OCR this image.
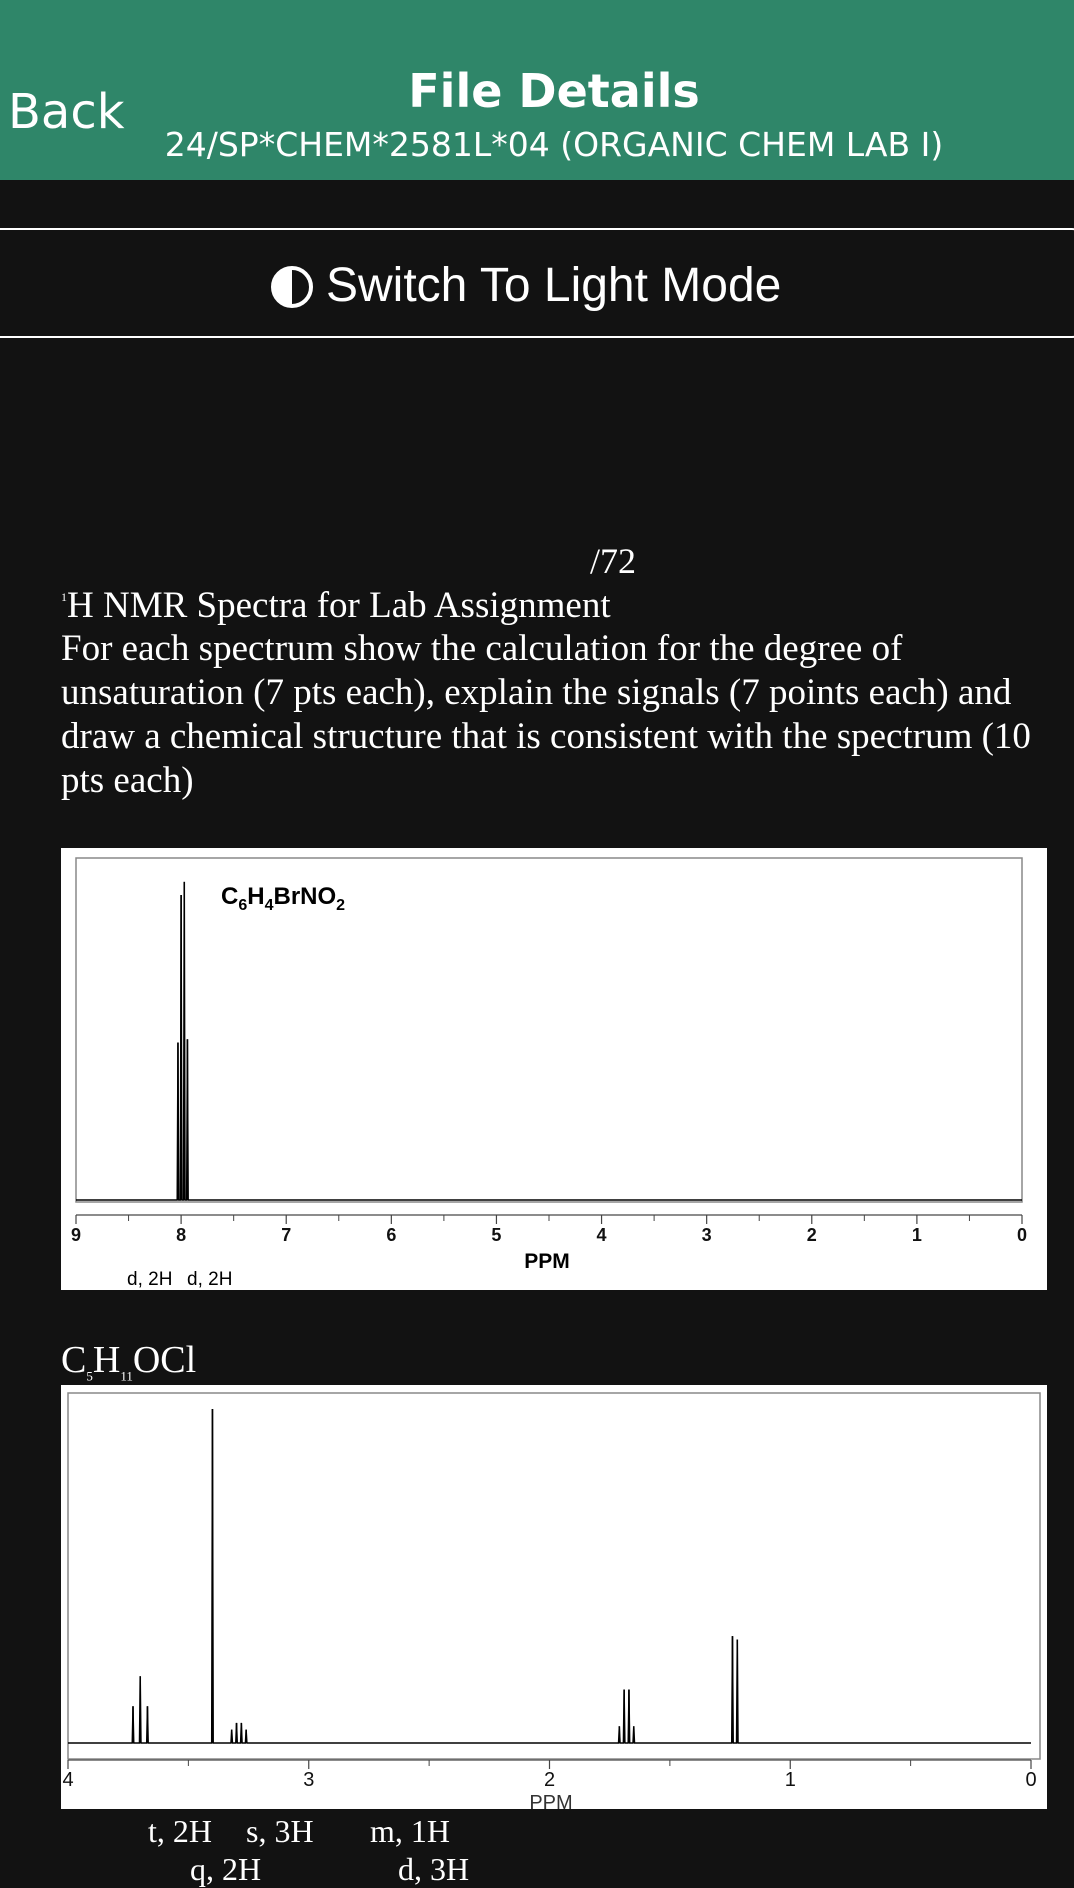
Back	File Details
24/SP*CHEM*2581L*04 (ORGANIC CHEM LAB I)
Switch To Light Mode
/72
$^1$H NMR Spectra for Lab Assignment
For each spectrum show the calculation for the degree of unsaturation (7 pts each), explain the signals (7 points each) and draw a chemical structure that is consistent with the spectrum (10 pts each)
$C_6H_4BrNO_2$
PPM
d, 2H d, 2H
9	8	7	6	5	4	3	2	1	0
$C_5H_{11}OCl$
PPM
4	3	2	1	0
t, 2H s, 3H m, 1H
q, 2H	d, 3H
